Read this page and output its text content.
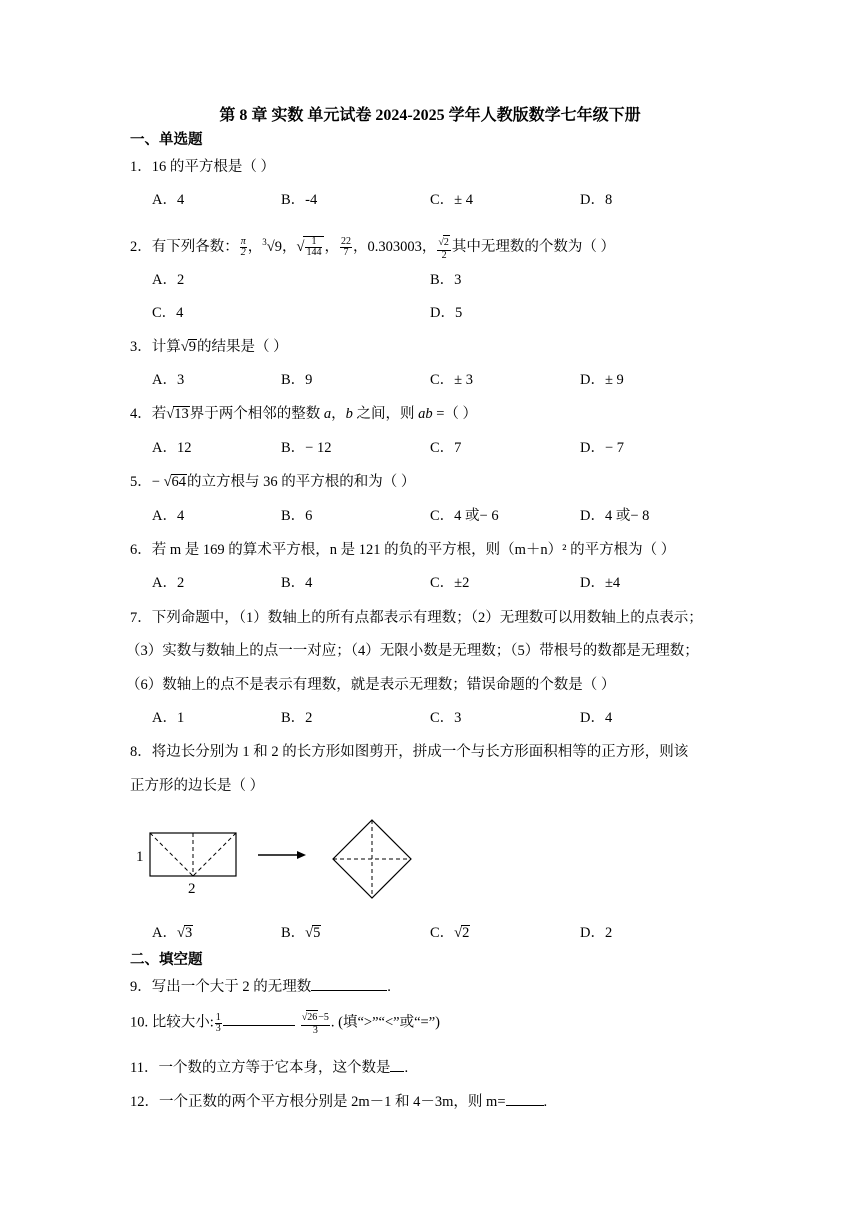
第 8 章 实数 单元试卷 2024-2025 学年人教版数学七年级下册
一、单选题
1．16 的平方根是（ ）
A．4	B．-4	C．± 4	D．8
2．有下列各数： $\frac{\pi}{2}$ ，$^3$√9，√ $\frac{1}{144}$ ， $\frac{22}{7}$ ，0.303003， $\frac{√2}{2}$ 其中无理数的个数为（ ）
A．2	B．3
C．4	D．5
3．计算√9的结果是（ ）
A．3	B．9	C．± 3	D．± 9
4．若√13界于两个相邻的整数 a，b 之间，则 ab =（ ）
A．12	B．− 12	C．7	D．− 7
5．− √64的立方根与 36 的平方根的和为（ ）
A．4	B．6	C．4 或− 6	D．4 或− 8
6．若 m 是 169 的算术平方根，n 是 121 的负的平方根，则（m＋n）² 的平方根为（ ）
A．2	B．4	C．±2	D．±4
7．下列命题中，（1）数轴上的所有点都表示有理数；（2）无理数可以用数轴上的点表示；
（3）实数与数轴上的点一一对应；（4）无限小数是无理数；（5）带根号的数都是无理数；
（6）数轴上的点不是表示有理数，就是表示无理数；错误命题的个数是（ ）
A．1	B．2	C．3	D．4
8．将边长分别为 1 和 2 的长方形如图剪开，拼成一个与长方形面积相等的正方形，则该
正方形的边长是（ ）
1
2
A．√3	B．√5	C．√2	D．2
二、填空题
9．写出一个大于 2 的无理数	.
10. 比较大小: $\frac{1}{3}$	$\frac{√26-5}{3}$ . (填“>”“<”或“=”)
11．一个数的立方等于它本身，这个数是 .
12．一个正数的两个平方根分别是 2m－1 和 4－3m，则 m=	.
